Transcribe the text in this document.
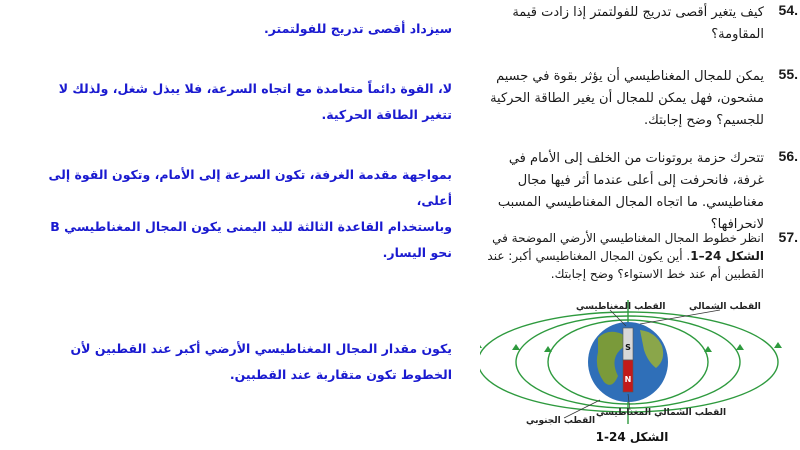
سيزداد أقصى تدريج للفولتمتر.
لا، القوة دائماً متعامدة مع اتجاه السرعة، فلا يبذل شغل، ولذلك لا تتغير الطاقة الحركية.
بمواجهة مقدمة الغرفة، تكون السرعة إلى الأمام، وتكون القوة إلى أعلى،
وباستخدام القاعدة الثالثة لليد اليمنى يكون المجال المغناطيسي B نحو اليسار.
يكون مقدار المجال المغناطيسي الأرضي أكبر عند القطبين لأن الخطوط تكون متقاربة عند القطبين.
54.
كيف يتغير أقصى تدريج للفولتمتر إذا زادت قيمة المقاومة؟
55.
يمكن للمجال المغناطيسي أن يؤثر بقوة في جسيم مشحون، فهل يمكن للمجال أن يغير الطاقة الحركية للجسيم؟ وضح إجابتك.
56.
تتحرك حزمة بروتونات من الخلف إلى الأمام في غرفة، فانحرفت إلى أعلى عندما أثر فيها مجال مغناطيسي. ما اتجاه المجال المغناطيسي المسبب لانحرافها؟
57.
انظر خطوط المجال المغناطيسي الأرضي الموضحة في الشكل 24–1. أين يكون المجال المغناطيسي أكبر: عند القطبين أم عند خط الاستواء؟ وضح إجابتك.
S
N
القطب الشمالي
القطب المغناطيسي
القطب الشمالي المغناطيسي
القطب الجنوبي
الشكل 24-1
